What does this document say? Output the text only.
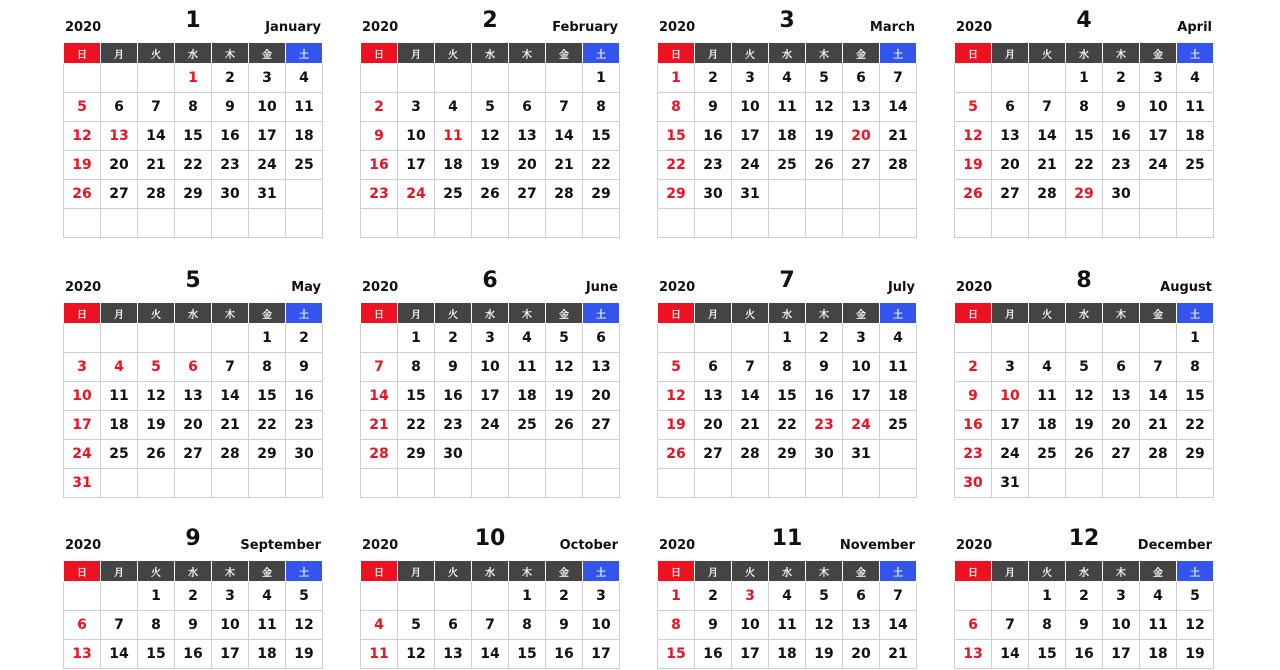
2020	1	January
日	月	火	水	木	金	土
			1	2	3	4
5	6	7	8	9	10	11
12	13	14	15	16	17	18
19	20	21	22	23	24	25
26	27	28	29	30	31	

2020	2	February
日	月	火	水	木	金	土
						1
2	3	4	5	6	7	8
9	10	11	12	13	14	15
16	17	18	19	20	21	22
23	24	25	26	27	28	29

2020	3	March
日	月	火	水	木	金	土
1	2	3	4	5	6	7
8	9	10	11	12	13	14
15	16	17	18	19	20	21
22	23	24	25	26	27	28
29	30	31				

2020	4	April
日	月	火	水	木	金	土
			1	2	3	4
5	6	7	8	9	10	11
12	13	14	15	16	17	18
19	20	21	22	23	24	25
26	27	28	29	30		

2020	5	May
日	月	火	水	木	金	土
					1	2
3	4	5	6	7	8	9
10	11	12	13	14	15	16
17	18	19	20	21	22	23
24	25	26	27	28	29	30
31						
2020	6	June
日	月	火	水	木	金	土
	1	2	3	4	5	6
7	8	9	10	11	12	13
14	15	16	17	18	19	20
21	22	23	24	25	26	27
28	29	30				

2020	7	July
日	月	火	水	木	金	土
			1	2	3	4
5	6	7	8	9	10	11
12	13	14	15	16	17	18
19	20	21	22	23	24	25
26	27	28	29	30	31	

2020	8	August
日	月	火	水	木	金	土
						1
2	3	4	5	6	7	8
9	10	11	12	13	14	15
16	17	18	19	20	21	22
23	24	25	26	27	28	29
30	31					
2020	9	September
日	月	火	水	木	金	土
		1	2	3	4	5
6	7	8	9	10	11	12
13	14	15	16	17	18	19
2020	10	October
日	月	火	水	木	金	土
				1	2	3
4	5	6	7	8	9	10
11	12	13	14	15	16	17
2020	11	November
日	月	火	水	木	金	土
1	2	3	4	5	6	7
8	9	10	11	12	13	14
15	16	17	18	19	20	21
2020	12	December
日	月	火	水	木	金	土
		1	2	3	4	5
6	7	8	9	10	11	12
13	14	15	16	17	18	19
